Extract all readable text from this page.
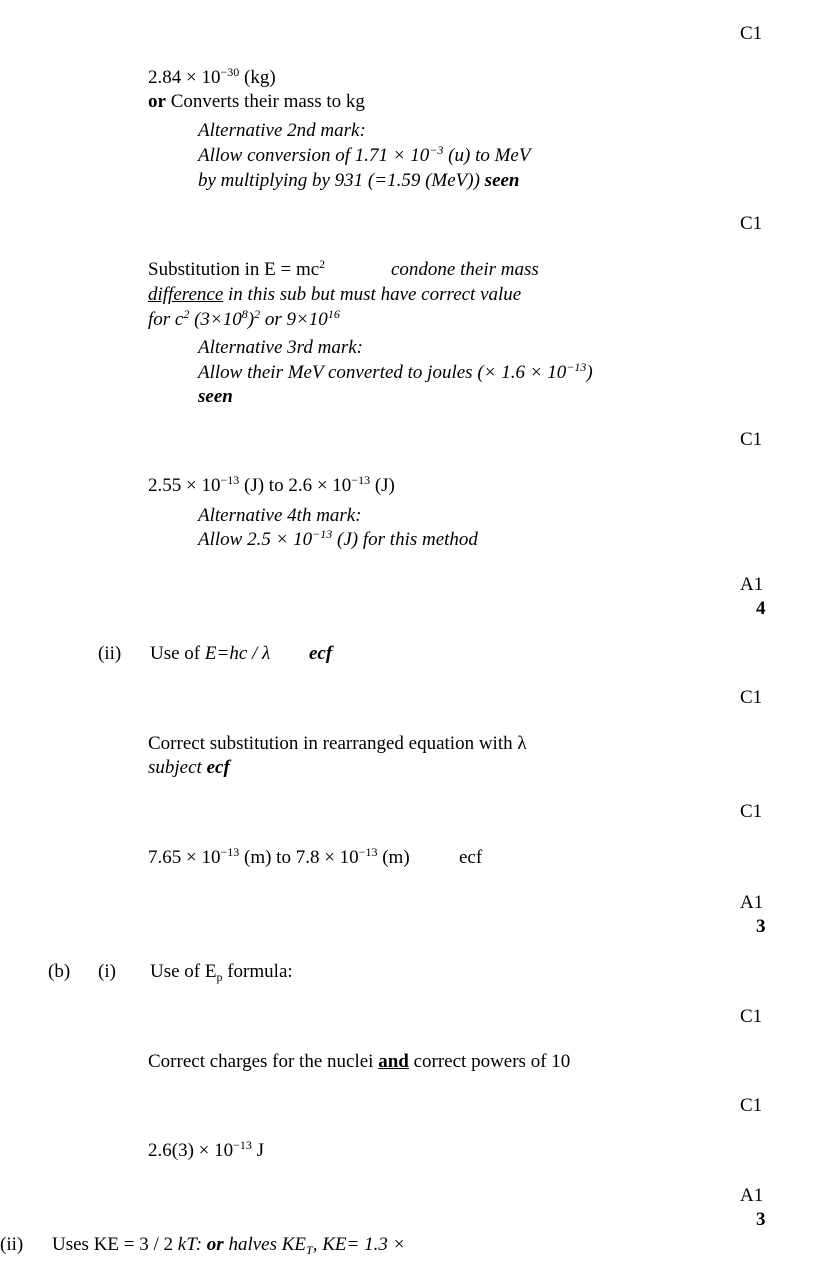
C1
C1
C1
A1
4
C1
C1
A1
3
C1
C1
A1
3
$2.84 \times 10^{-30}$ (kg)
or Converts their mass to kg
Alternative 2nd mark:
Allow conversion of $1.71 \times 10^{-3}$ (u) to MeV
by multiplying by 931 (=1.59 (MeV)) seen
Substitution in $E = mc^2$	condone their mass
difference in this sub but must have correct value
for $c^2$ $(3\times 10^8)^2$ or $9\times 10^{16}$
Alternative 3rd mark:
Allow their MeV converted to joules (× $1.6 \times 10^{-13}$)
seen
$2.55 \times 10^{-13}$ (J) to $2.6 \times 10^{-13}$ (J)
Alternative 4th mark:
Allow $2.5 \times 10^{-13}$ (J) for this method
(ii) Use of E=hc / λ ecf
Correct substitution in rearranged equation with λ
subject ecf
$7.65 \times 10^{-13}$ (m) to $7.8 \times 10^{-13}$ (m)	ecf
(b) (i) Use of $E_p$ formula:
Correct charges for the nuclei and correct powers of 10
$2.6(3) \times 10^{-13}$ J
(ii) Uses KE = 3 / 2 kT: or halves $KE_T$, KE= 1.3 ×
